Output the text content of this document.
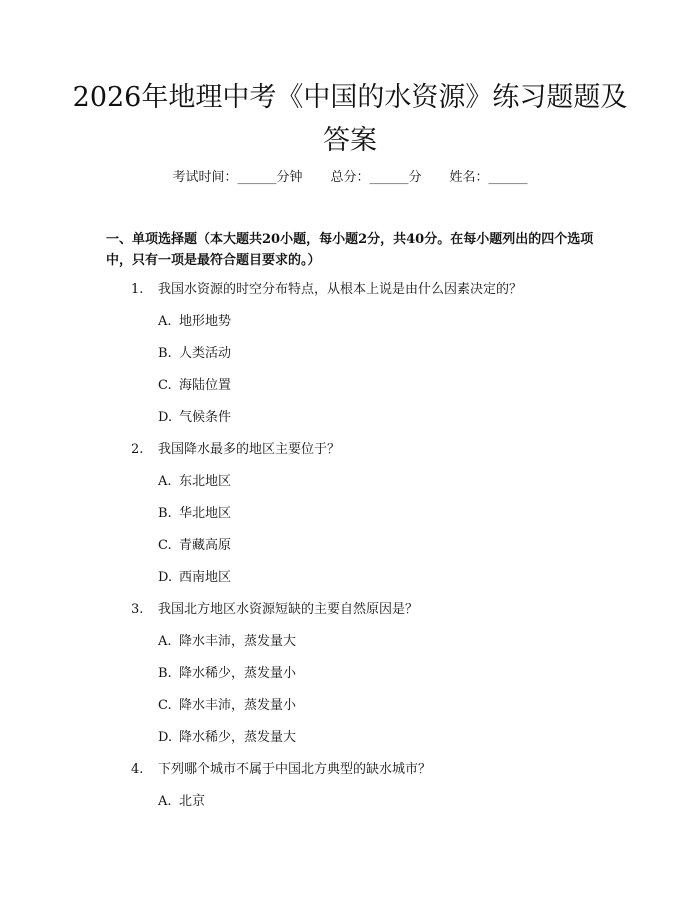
2026年地理中考《中国的水资源》练习题题及答案
考试时间：______分钟 总分：______分 姓名：______

一、单项选择题（本大题共20小题，每小题2分，共40分。在每小题列出的四个选项中，只有一项是最符合题目要求的。）

1. 我国水资源的时空分布特点，从根本上说是由什么因素决定的？
A. 地形地势
B. 人类活动
C. 海陆位置
D. 气候条件
2. 我国降水最多的地区主要位于？
A. 东北地区
B. 华北地区
C. 青藏高原
D. 西南地区
3. 我国北方地区水资源短缺的主要自然原因是？
A. 降水丰沛，蒸发量大
B. 降水稀少，蒸发量小
C. 降水丰沛，蒸发量小
D. 降水稀少，蒸发量大
4. 下列哪个城市不属于中国北方典型的缺水城市？
A. 北京
